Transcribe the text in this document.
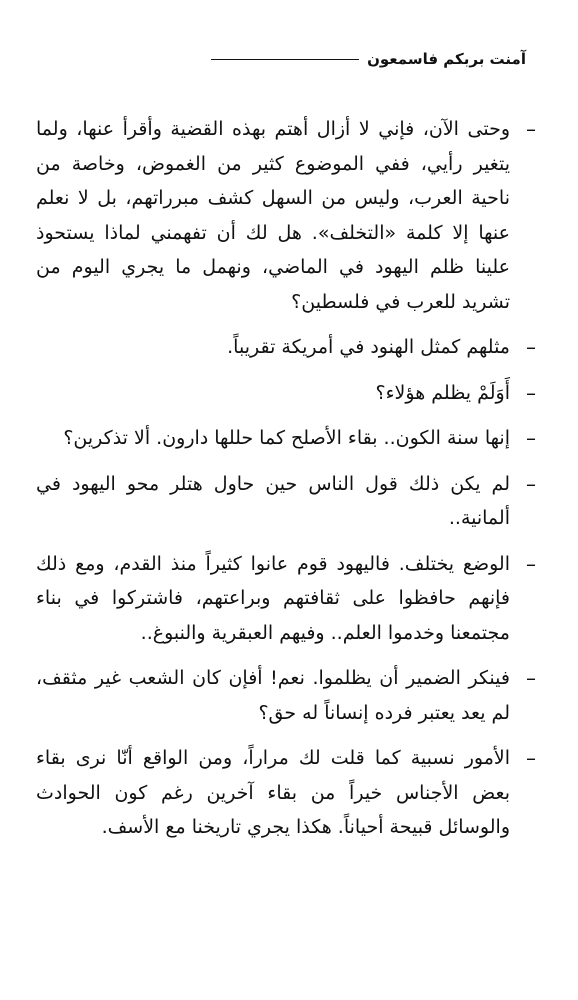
آمنت بربكم فاسمعون
–
وحتى الآن، فإني لا أزال أهتم بهذه القضية وأقرأ عنها، ولما يتغير رأيي، ففي الموضوع كثير من الغموض، وخاصة من ناحية العرب، وليس من السهل كشف مبرراتهم، بل لا نعلم عنها إلا كلمة «التخلف». هل لك أن تفهمني لماذا يستحوذ علينا ظلم اليهود في الماضي، ونهمل ما يجري اليوم من تشريد للعرب في فلسطين؟
–
مثلهم كمثل الهنود في أمريكة تقريباً.
–
أَوَلَمْ يظلم هؤلاء؟
–
إنها سنة الكون.. بقاء الأصلح كما حللها دارون. ألا تذكرين؟
–
لم يكن ذلك قول الناس حين حاول هتلر محو اليهود في ألمانية..
–
الوضع يختلف. فاليهود قوم عانوا كثيراً منذ القدم، ومع ذلك فإنهم حافظوا على ثقافتهم وبراعتهم، فاشتركوا في بناء مجتمعنا وخدموا العلم.. وفيهم العبقرية والنبوغ..
–
فينكر الضمير أن يظلموا. نعم! أفإن كان الشعب غير مثقف، لم يعد يعتبر فرده إنساناً له حق؟
–
الأمور نسبية كما قلت لك مراراً، ومن الواقع أنّا نرى بقاء بعض الأجناس خيراً من بقاء آخرين رغم كون الحوادث والوسائل قبيحة أحياناً. هكذا يجري تاريخنا مع الأسف.
